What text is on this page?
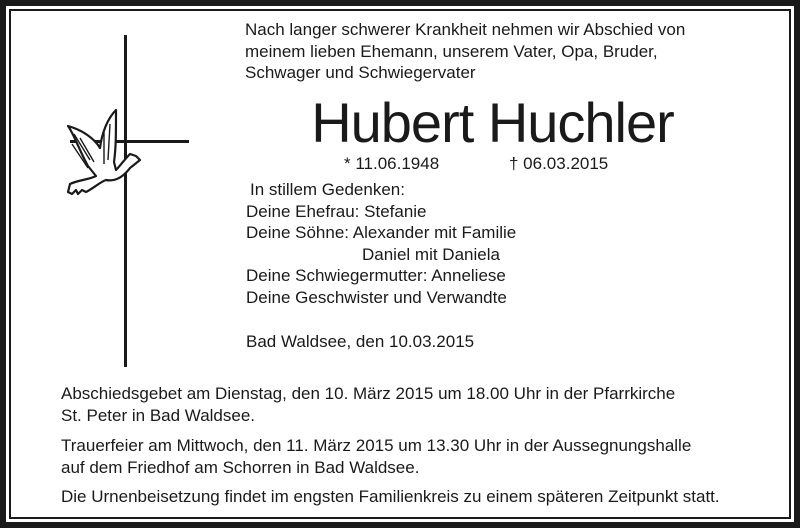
Nach langer schwerer Krankheit nehmen wir Abschied von
meinem lieben Ehemann, unserem Vater, Opa, Bruder,
Schwager und Schwiegervater
Hubert Huchler
* 11.06.1948	† 06.03.2015
In stillem Gedenken:
Deine Ehefrau: Stefanie
Deine Söhne: Alexander mit Familie
Daniel mit Daniela
Deine Schwiegermutter: Anneliese
Deine Geschwister und Verwandte
Bad Waldsee, den 10.03.2015
Abschiedsgebet am Dienstag, den 10. März 2015 um 18.00 Uhr in der Pfarrkirche
St. Peter in Bad Waldsee.
Trauerfeier am Mittwoch, den 11. März 2015 um 13.30 Uhr in der Aussegnungshalle
auf dem Friedhof am Schorren in Bad Waldsee.
Die Urnenbeisetzung findet im engsten Familienkreis zu einem späteren Zeitpunkt statt.
